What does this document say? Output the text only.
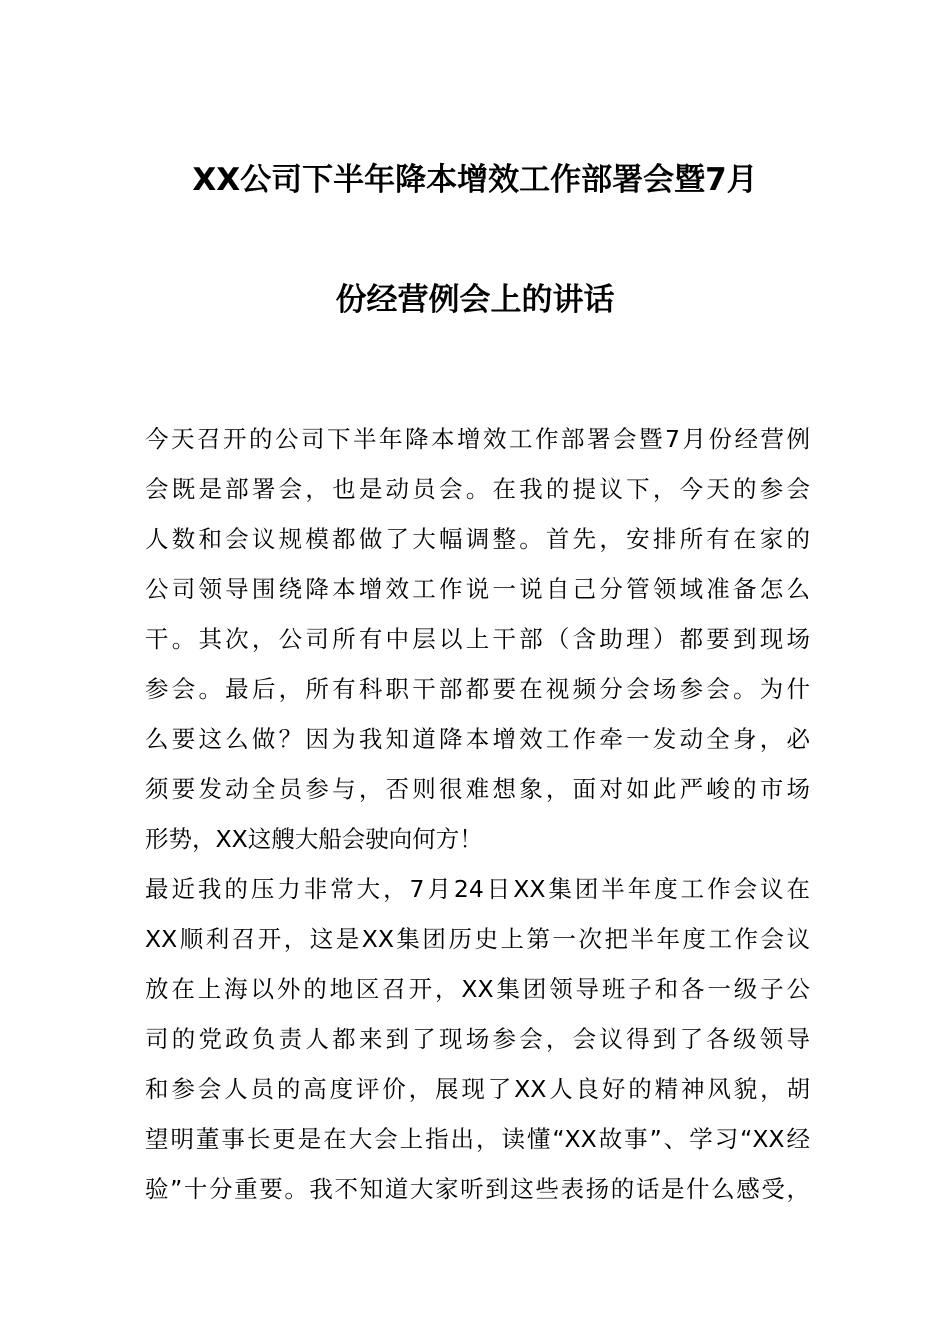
XX公司下半年降本增效工作部署会暨7月
份经营例会上的讲话
今天召开的公司下半年降本增效工作部署会暨7月份经营例
会既是部署会，也是动员会。在我的提议下，今天的参会
人数和会议规模都做了大幅调整。首先，安排所有在家的
公司领导围绕降本增效工作说一说自己分管领域准备怎么
干。其次，公司所有中层以上干部（含助理）都要到现场
参会。最后，所有科职干部都要在视频分会场参会。为什
么要这么做？因为我知道降本增效工作牵一发动全身，必
须要发动全员参与，否则很难想象，面对如此严峻的市场
形势，XX这艘大船会驶向何方！
最近我的压力非常大，7月24日XX集团半年度工作会议在
XX顺利召开，这是XX集团历史上第一次把半年度工作会议
放在上海以外的地区召开，XX集团领导班子和各一级子公
司的党政负责人都来到了现场参会，会议得到了各级领导
和参会人员的高度评价，展现了XX人良好的精神风貌，胡
望明董事长更是在大会上指出，读懂“XX故事”、学习“XX经
验”十分重要。我不知道大家听到这些表扬的话是什么感受，
